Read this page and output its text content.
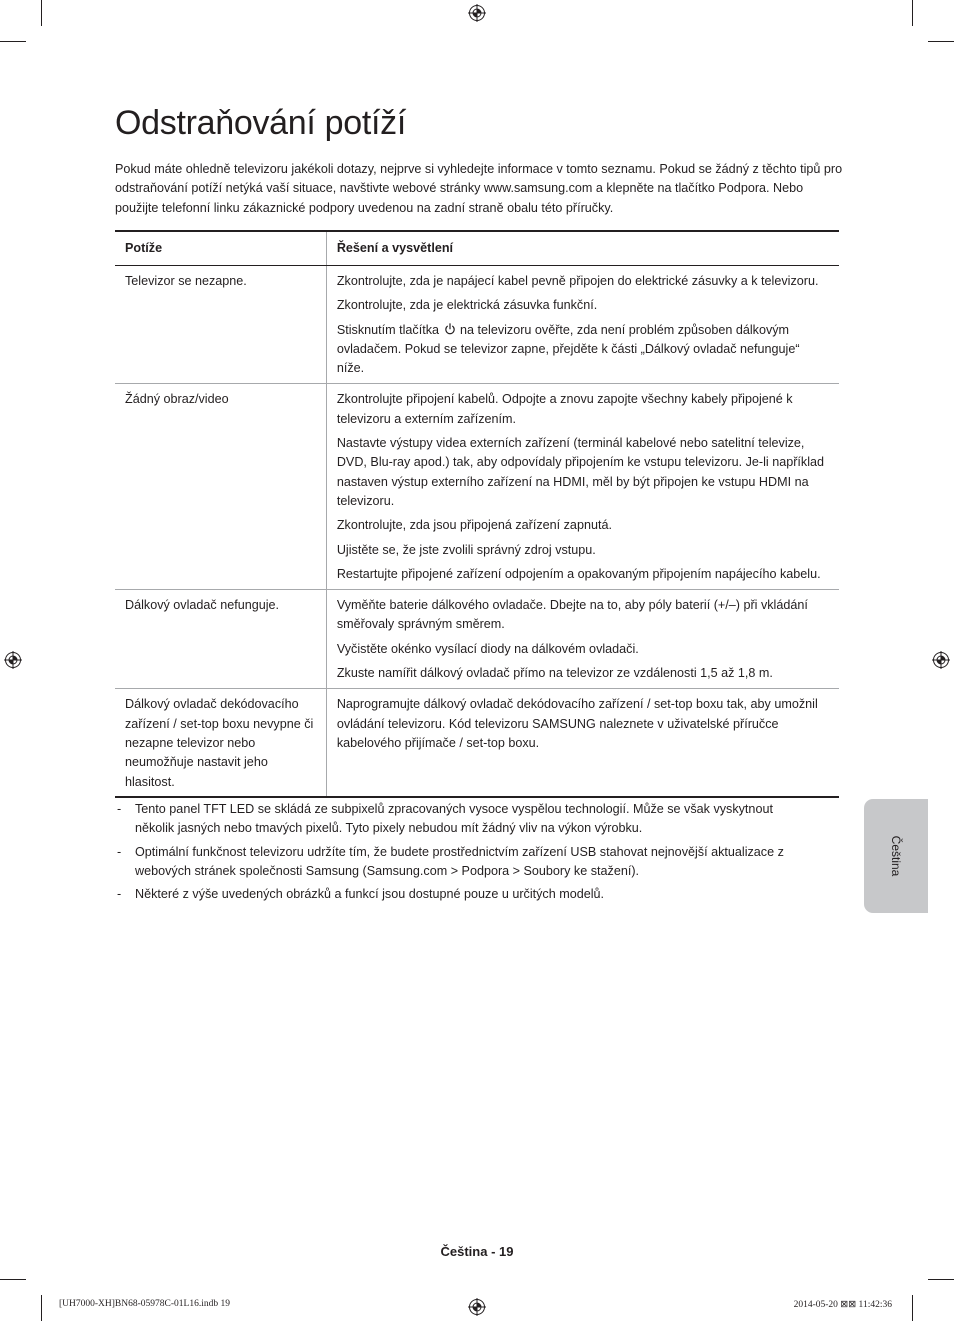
Odstraňování potíží

Pokud máte ohledně televizoru jakékoli dotazy, nejprve si vyhledejte informace v tomto seznamu. Pokud se žádný z těchto tipů pro odstraňování potíží netýká vaší situace, navštivte webové stránky www.samsung.com a klepněte na tlačítko Podpora. Nebo použijte telefonní linku zákaznické podpory uvedenou na zadní straně obalu této příručky.

Potíže	Řešení a vysvětlení
Televizor se nezapne.	Zkontrolujte, zda je napájecí kabel pevně připojen do elektrické zásuvky a k televizoru.

Zkontrolujte, zda je elektrická zásuvka funkční.

Stisknutím tlačítka na televizoru ověřte, zda není problém způsoben dálkovým ovladačem. Pokud se televizor zapne, přejděte k části „Dálkový ovladač nefunguje“ níže.

Žádný obraz/video	Zkontrolujte připojení kabelů. Odpojte a znovu zapojte všechny kabely připojené k televizoru a externím zařízením.

Nastavte výstupy videa externích zařízení (terminál kabelové nebo satelitní televize, DVD, Blu-ray apod.) tak, aby odpovídaly připojením ke vstupu televizoru. Je-li například nastaven výstup externího zařízení na HDMI, měl by být připojen ke vstupu HDMI na televizoru.

Zkontrolujte, zda jsou připojená zařízení zapnutá.

Ujistěte se, že jste zvolili správný zdroj vstupu.

Restartujte připojené zařízení odpojením a opakovaným připojením napájecího kabelu.

Dálkový ovladač nefunguje.	Vyměňte baterie dálkového ovladače. Dbejte na to, aby póly baterií (+/–) při vkládání směřovaly správným směrem.

Vyčistěte okénko vysílací diody na dálkovém ovladači.

Zkuste namířit dálkový ovladač přímo na televizor ze vzdálenosti 1,5 až 1,8 m.

Dálkový ovladač dekódovacího zařízení / set-top boxu nevypne či nezapne televizor nebo neumožňuje nastavit jeho hlasitost.	Naprogramujte dálkový ovladač dekódovacího zařízení / set-top boxu tak, aby umožnil ovládání televizoru. Kód televizoru SAMSUNG naleznete v uživatelské příručce kabelového přijímače / set-top boxu.

- Tento panel TFT LED se skládá ze subpixelů zpracovaných vysoce vyspělou technologií. Může se však vyskytnout několik jasných nebo tmavých pixelů. Tyto pixely nebudou mít žádný vliv na výkon výrobku.
- Optimální funkčnost televizoru udržíte tím, že budete prostřednictvím zařízení USB stahovat nejnovější aktualizace z webových stránek společnosti Samsung (Samsung.com > Podpora > Soubory ke stažení).
- Některé z výše uvedených obrázků a funkcí jsou dostupné pouze u určitých modelů.
Čeština
Čeština - 19
[UH7000-XH]BN68-05978C-01L16.indb 19	2014-05-20 ⊠⊠ 11:42:36
